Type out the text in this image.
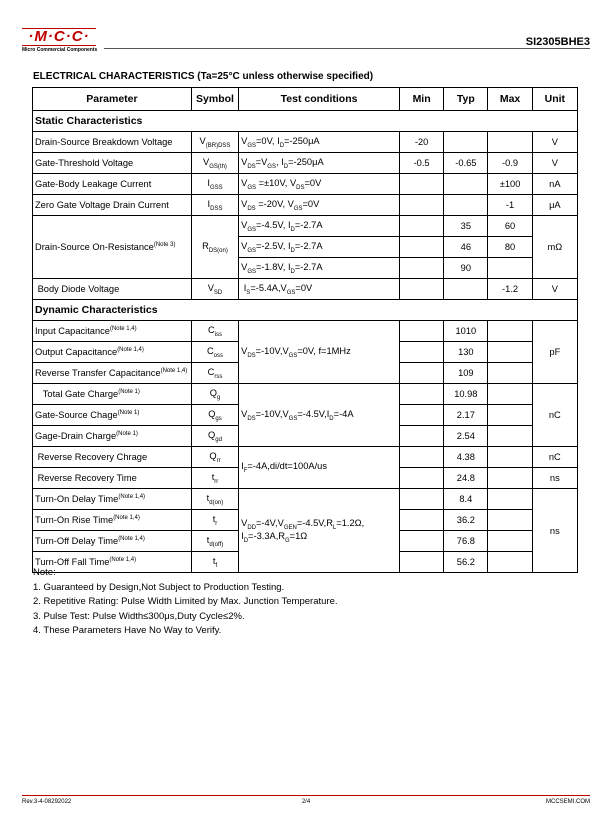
·M·C·C·
Micro Commercial Components
SI2305BHE3
ELECTRICAL CHARACTERISTICS (Ta=25°C unless otherwise specified)
Parameter	Symbol	Test conditions	Min	Typ	Max	Unit
Static Characteristics						
Drain-Source Breakdown Voltage	$V_{(BR)DSS}$	$V_{GS}=0V$, $I_D=-250\mu A$	-20			V
Gate-Threshold Voltage	$V_{GS(th)}$	$V_{DS}=V_{GS}$, $I_D=-250\mu A$	-0.5	-0.65	-0.9	V
Gate-Body Leakage Current	$I_{GSS}$	$V_{GS} =\pm 10V$, $V_{DS}=0V$			±100	nA
Zero Gate Voltage Drain Current	$I_{DSS}$	$V_{DS} =-20V$, $V_{GS}=0V$			-1	μA
Drain-Source On-Resistance$^{(Note 3)}$	$R_{DS(on)}$	$V_{GS}=-4.5V$, $I_D=-2.7A$		35	60	mΩ
		$V_{GS}=-2.5V$, $I_D=-2.7A$		46	80	
		$V_{GS}=-1.8V$, $I_D=-2.7A$		90		
Body Diode Voltage	$V_{SD}$	$I_S=-5.4A,V_{GS}=0V$			-1.2	V
Dynamic Characteristics						
Input Capacitance$^{(Note 1,4)}$	$C_{iss}$	$V_{DS}=-10V,V_{GS}=0V$, f=1MHz		1010		pF
Output Capacitance$^{(Note 1,4)}$	$C_{oss}$			130		
Reverse Transfer Capacitance$^{(Note 1,4)}$	$C_{rss}$			109		
Total Gate Charge$^{(Note 1)}$	$Q_g$	$V_{DS}=-10V,V_{GS}=-4.5V,I_D=-4A$		10.98		nC
Gate-Source Chage$^{(Note 1)}$	$Q_{gs}$			2.17		
Gage-Drain Charge$^{(Note 1)}$	$Q_{gd}$			2.54		
Reverse Recovery Chrage	$Q_{rr}$	$I_F=-4A,di/dt=100A/us$		4.38		nC
Reverse Recovery Time	$t_{rr}$			24.8		ns
Turn-On Delay Time$^{(Note 1,4)}$	$t_{d(on)}$	$V_{DD}=-4V,V_{GEN}=-4.5V,R_L=1.2\Omega$,
$I_D=-3.3A,R_G=1\Omega$		8.4		ns
Turn-On Rise Time$^{(Note 1,4)}$	$t_r$			36.2		
Turn-Off Delay Time$^{(Note 1,4)}$	$t_{d(off)}$			76.8		
Turn-Off Fall Time$^{(Note 1,4)}$	$t_f$			56.2		
Note:
1. Guaranteed by Design,Not Subject to Production Testing.
2. Repetitive Rating: Pulse Width Limited by Max. Junction Temperature.
3. Pulse Test: Pulse Width≤300μs,Duty Cycle≤2%.
4. These Parameters Have No Way to Verify.
Rev.3-4-08292022	2/4	MCCSEMI.COM
